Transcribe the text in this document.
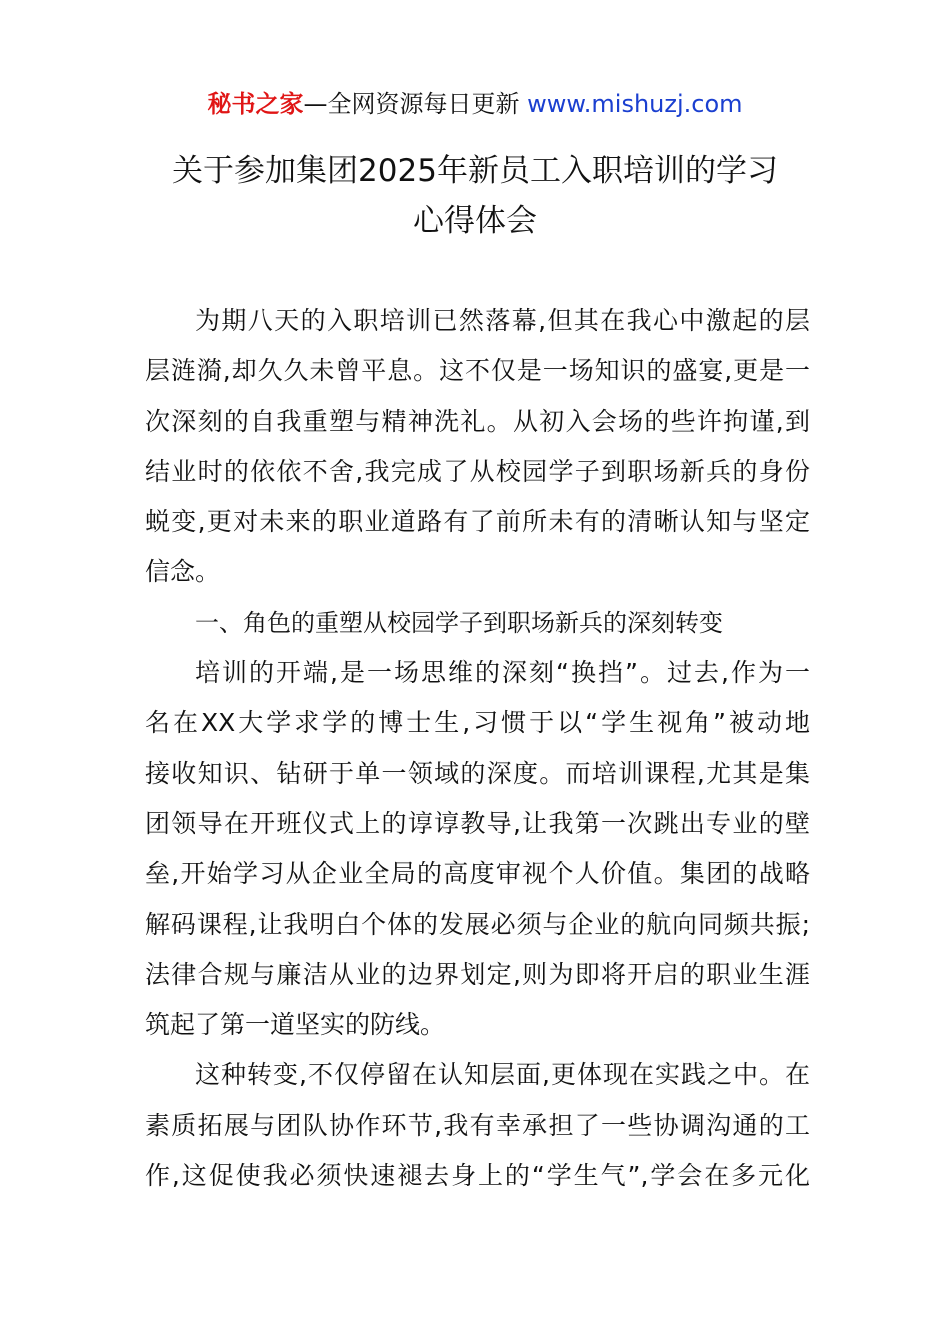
秘书之家—全网资源每日更新 www.mishuzj.com
关于参加集团2025年新员工入职培训的学习
心得体会
为期八天的入职培训已然落幕,但其在我心中激起的层
层涟漪,却久久未曾平息。这不仅是一场知识的盛宴,更是一
次深刻的自我重塑与精神洗礼。从初入会场的些许拘谨,到
结业时的依依不舍,我完成了从校园学子到职场新兵的身份
蜕变,更对未来的职业道路有了前所未有的清晰认知与坚定
信念。
一、角色的重塑从校园学子到职场新兵的深刻转变
培训的开端,是一场思维的深刻“换挡”。过去,作为一
名在XX大学求学的博士生,习惯于以“学生视角”被动地
接收知识、钻研于单一领域的深度。而培训课程,尤其是集
团领导在开班仪式上的谆谆教导,让我第一次跳出专业的壁
垒,开始学习从企业全局的高度审视个人价值。集团的战略
解码课程,让我明白个体的发展必须与企业的航向同频共振;
法律合规与廉洁从业的边界划定,则为即将开启的职业生涯
筑起了第一道坚实的防线。
这种转变,不仅停留在认知层面,更体现在实践之中。在
素质拓展与团队协作环节,我有幸承担了一些协调沟通的工
作,这促使我必须快速褪去身上的“学生气”,学会在多元化
